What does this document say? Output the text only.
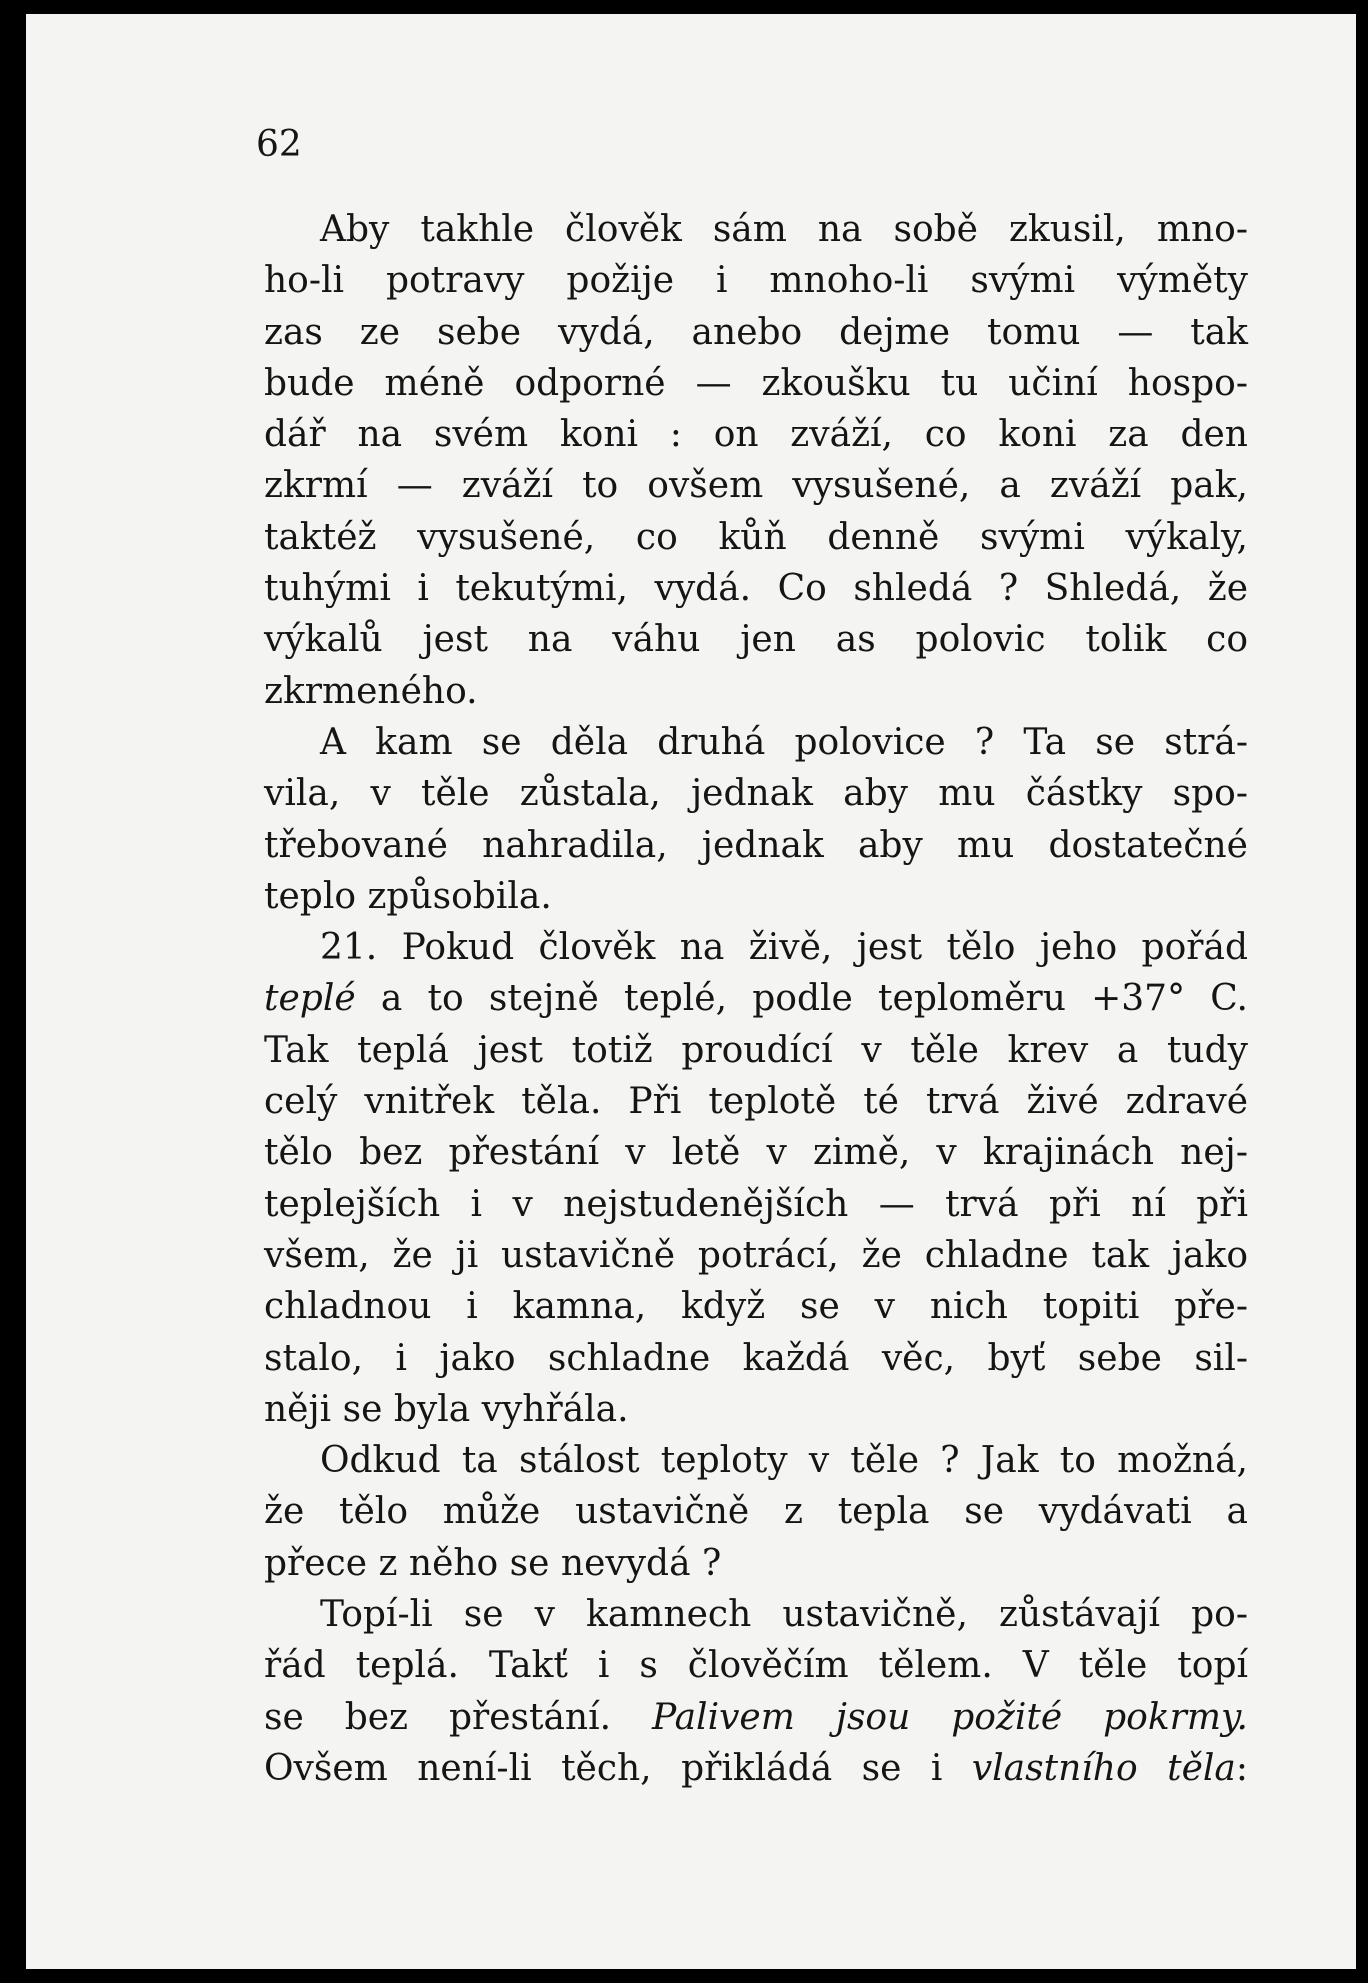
62
Aby takhle člověk sám na sobě zkusil, mno-
ho-li potravy požije i mnoho-li svými výměty
zas ze sebe vydá, anebo dejme tomu — tak
bude méně odporné — zkoušku tu učiní hospo-
dář na svém koni : on zváží, co koni za den
zkrmí — zváží to ovšem vysušené, a zváží pak,
taktéž vysušené, co kůň denně svými výkaly,
tuhými i tekutými, vydá. Co shledá ? Shledá, že
výkalů jest na váhu jen as polovic tolik co
zkrmeného.
A kam se děla druhá polovice ? Ta se strá-
vila, v těle zůstala, jednak aby mu částky spo-
třebované nahradila, jednak aby mu dostatečné
teplo způsobila.
21. Pokud člověk na živě, jest tělo jeho pořád
teplé a to stejně teplé, podle teploměru +37° C.
Tak teplá jest totiž proudící v těle krev a tudy
celý vnitřek těla. Při teplotě té trvá živé zdravé
tělo bez přestání v letě v zimě, v krajinách nej-
teplejších i v nejstudenějších — trvá při ní při
všem, že ji ustavičně potrácí, že chladne tak jako
chladnou i kamna, když se v nich topiti pře-
stalo, i jako schladne každá věc, byť sebe sil-
něji se byla vyhřála.
Odkud ta stálost teploty v těle ? Jak to možná,
že tělo může ustavičně z tepla se vydávati a
přece z něho se nevydá ?
Topí-li se v kamnech ustavičně, zůstávají po-
řád teplá. Takť i s člověčím tělem. V těle topí
se bez přestání. Palivem jsou požité pokrmy.
Ovšem není-li těch, přikládá se i vlastního těla:
